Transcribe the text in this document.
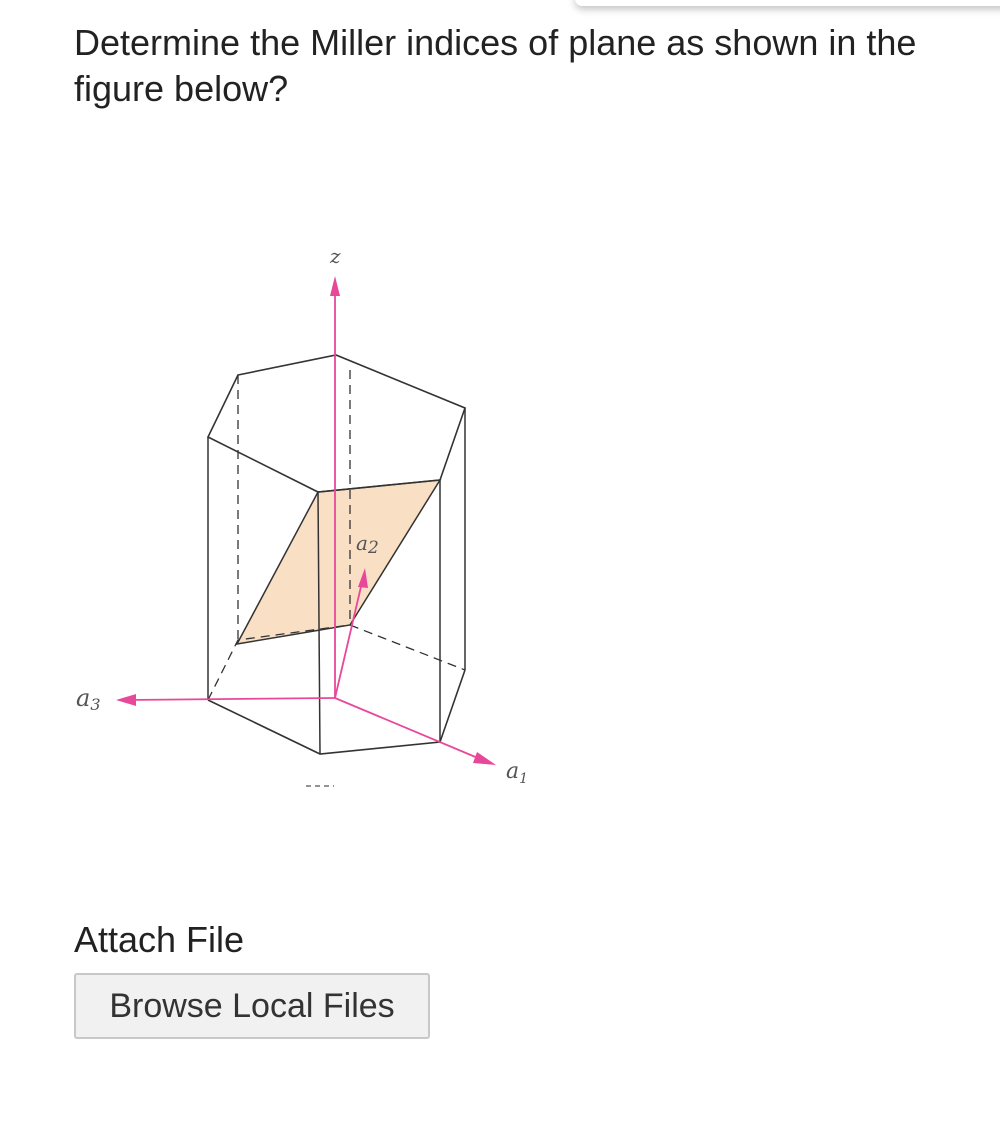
Determine the Miller indices of plane as shown in the figure below?
z
a3
$a_1$
a2
Attach File
Browse Local Files
